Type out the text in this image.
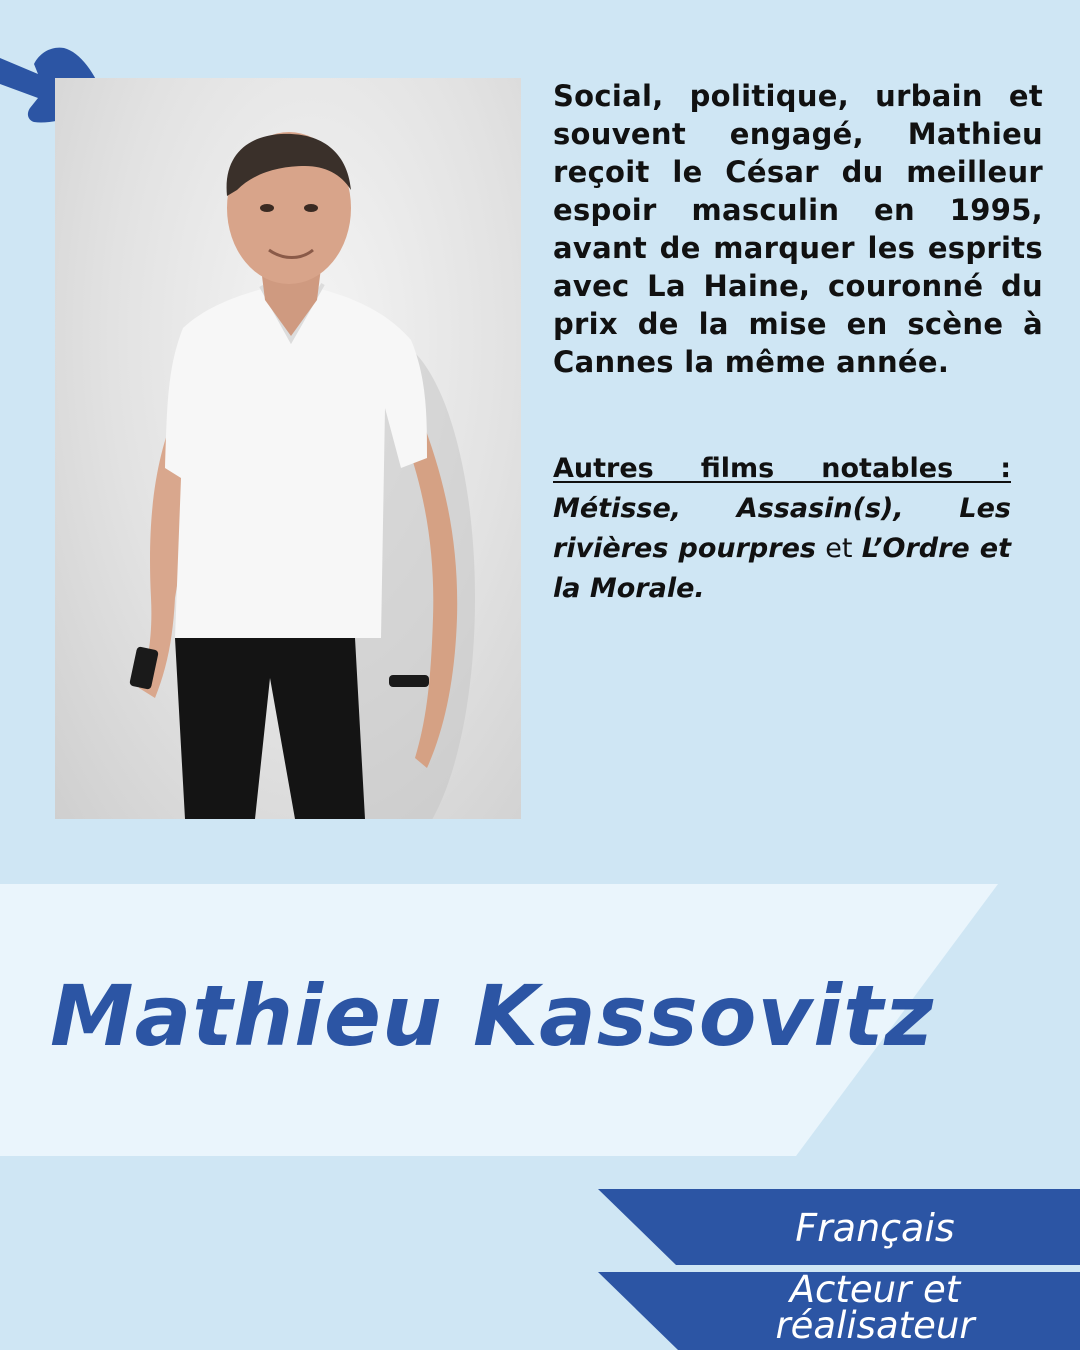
Social, politique, urbain et souvent engagé, Mathieu reçoit le César du meilleur espoir masculin en 1995, avant de marquer les esprits avec La Haine, couronné du prix de la mise en scène à Cannes la même année.
Autres films notables : Métisse, Assasin(s), Les rivières pourpres et L’Ordre et la Morale.
Mathieu Kassovitz
Français
Acteur et réalisateur
